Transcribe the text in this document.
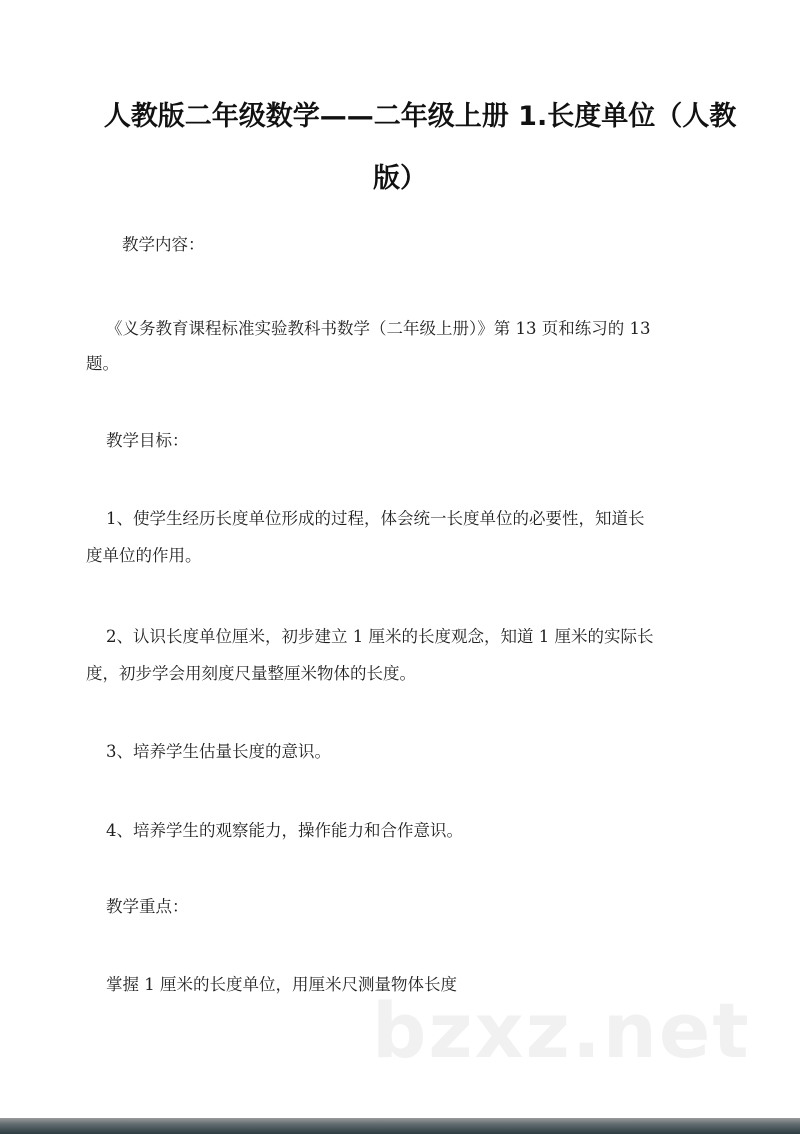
人教版二年级数学——二年级上册 1.长度单位（人教
版）

教学内容：

《义务教育课程标准实验教科书数学（二年级上册）》第 13 页和练习的 13

题。

教学目标：

1、使学生经历长度单位形成的过程，体会统一长度单位的必要性，知道长

度单位的作用。

2、认识长度单位厘米，初步建立 1 厘米的长度观念，知道 1 厘米的实际长

度，初步学会用刻度尺量整厘米物体的长度。

3、培养学生估量长度的意识。

4、培养学生的观察能力，操作能力和合作意识。

教学重点：

掌握 1 厘米的长度单位，用厘米尺测量物体长度

bzxz.net
